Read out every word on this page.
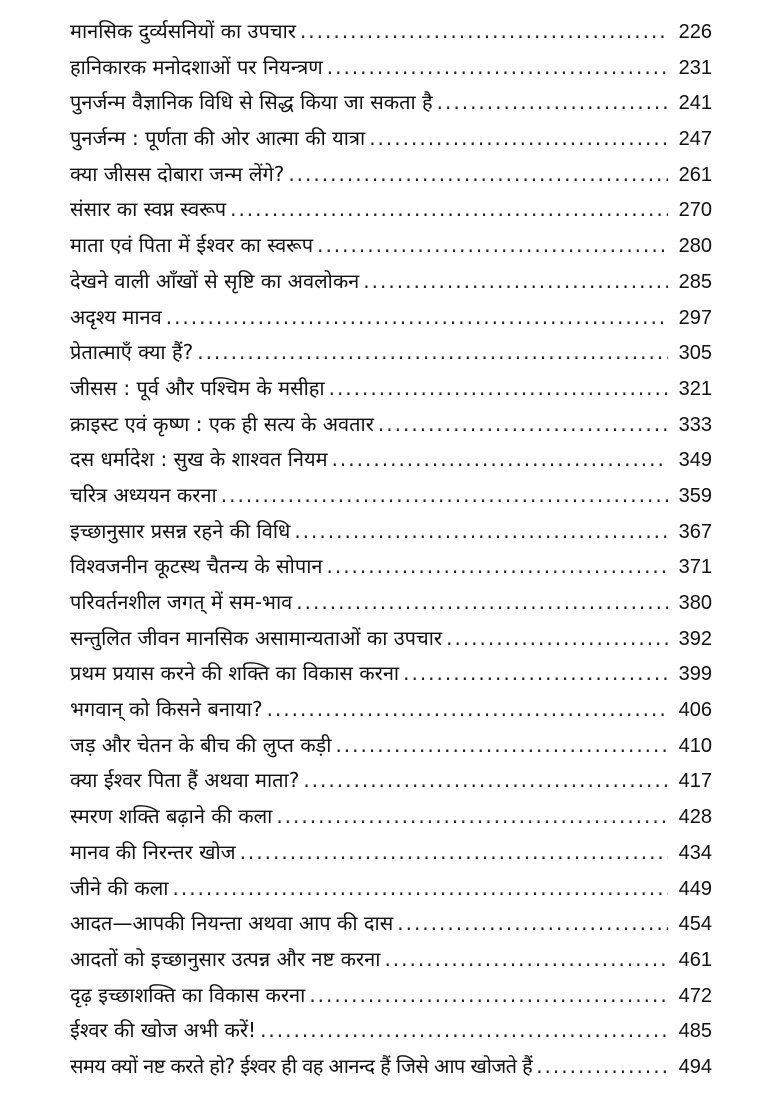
मानसिक दुर्व्यसनियों का उपचार .....	226
हानिकारक मनोदशाओं पर नियन्त्रण .....	231
पुनर्जन्म वैज्ञानिक विधि से सिद्ध किया जा सकता है .....	241
पुनर्जन्म : पूर्णता की ओर आत्मा की यात्रा .....	247
क्या जीसस दोबारा जन्म लेंगे? .....	261
संसार का स्वप्न स्वरूप .....	270
माता एवं पिता में ईश्वर का स्वरूप .....	280
देखने वाली आँखों से सृष्टि का अवलोकन .....	285
अदृश्य मानव .....	297
प्रेतात्माएँ क्या हैं? .....	305
जीसस : पूर्व और पश्चिम के मसीहा .....	321
क्राइस्ट एवं कृष्ण : एक ही सत्य के अवतार .....	333
दस धर्मादेश : सुख के शाश्वत नियम .....	349
चरित्र अध्ययन करना .....	359
इच्छानुसार प्रसन्न रहने की विधि .....	367
विश्वजनीन कूटस्थ चैतन्य के सोपान .....	371
परिवर्तनशील जगत् में सम-भाव .....	380
सन्तुलित जीवन मानसिक असामान्यताओं का उपचार .....	392
प्रथम प्रयास करने की शक्ति का विकास करना .....	399
भगवान् को किसने बनाया? .....	406
जड़ और चेतन के बीच की लुप्त कड़ी .....	410
क्या ईश्वर पिता हैं अथवा माता? .....	417
स्मरण शक्ति बढ़ाने की कला .....	428
मानव की निरन्तर खोज .....	434
जीने की कला .....	449
आदत—आपकी नियन्ता अथवा आप की दास .....	454
आदतों को इच्छानुसार उत्पन्न और नष्ट करना .....	461
दृढ़ इच्छाशक्ति का विकास करना .....	472
ईश्वर की खोज अभी करें! .....	485
समय क्यों नष्ट करते हो? ईश्वर ही वह आनन्द हैं जिसे आप खोजते हैं .....	494
